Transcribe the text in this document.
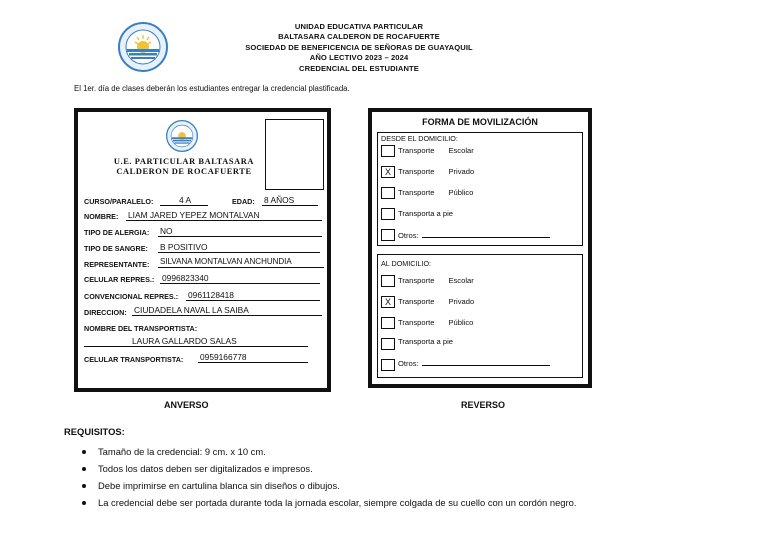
UNIDAD EDUCATIVA PARTICULAR
BALTASARA CALDERON DE ROCAFUERTE
SOCIEDAD DE BENEFICENCIA DE SEÑORAS DE GUAYAQUIL
AÑO LECTIVO 2023 – 2024
CREDENCIAL DEL ESTUDIANTE
El 1er. día de clases deberán los estudiantes entregar la credencial plastificada.
U.E. PARTICULAR BALTASARA
CALDERON DE ROCAFUERTE
CURSO/PARALELO:	4 A	EDAD: 8 AÑOS
NOMBRE: LIAM JARED YEPEZ MONTALVAN
TIPO DE ALERGIA: NO
TIPO DE SANGRE: B POSITIVO
REPRESENTANTE: SILVANA MONTALVAN ANCHUNDIA
CELULAR REPRES.: 0996823340
CONVENCIONAL REPRES.: 0961128418
DIRECCION: CIUDADELA NAVAL LA SAIBA
NOMBRE DEL TRANSPORTISTA:
LAURA GALLARDO SALAS
CELULAR TRANSPORTISTA: 0959166778
FORMA DE MOVILIZACIÓN
DESDE EL DOMICILIO:
Transporte Escolar
X Transporte Privado
Transporte Público
Transporta a pie
Otros:
AL DOMICILIO:
Transporte Escolar
X Transporte Privado
Transporte Público
Transporta a pie
Otros:
ANVERSO	REVERSO
REQUISITOS:
Tamaño de la credencial: 9 cm. x 10 cm.
Todos los datos deben ser digitalizados e impresos.
Debe imprimirse en cartulina blanca sin diseños o dibujos.
La credencial debe ser portada durante toda la jornada escolar, siempre colgada de su cuello con un cordón negro.
